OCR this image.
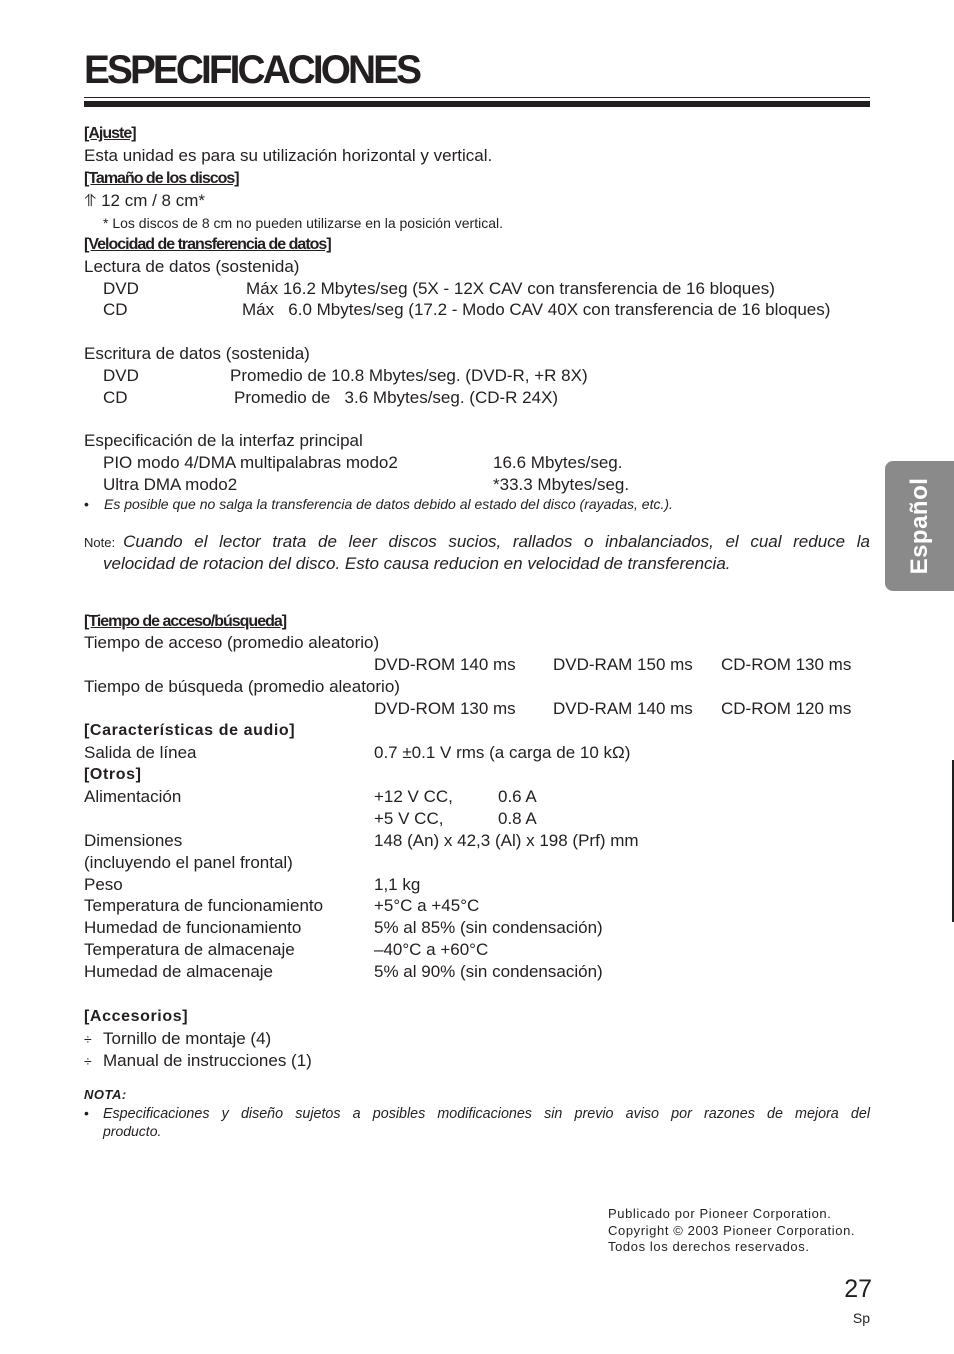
ESPECIFICACIONES
[Ajuste]
Esta unidad es para su utilización horizontal y vertical.
[Tamaño de los discos]
⥣ 12 cm / 8 cm*
* Los discos de 8 cm no pueden utilizarse en la posición vertical.
[Velocidad de transferencia de datos]
Lectura de datos (sostenida)
DVD	Máx 16.2 Mbytes/seg (5X - 12X CAV con transferencia de 16 bloques)
CD	Máx   6.0 Mbytes/seg (17.2 - Modo CAV 40X con transferencia de 16 bloques)
Escritura de datos (sostenida)
DVD	Promedio de 10.8 Mbytes/seg. (DVD-R, +R 8X)
CD	Promedio de   3.6 Mbytes/seg. (CD-R 24X)
Especificación de la interfaz principal
PIO modo 4/DMA multipalabras modo2	16.6 Mbytes/seg.
Ultra DMA modo2	*33.3 Mbytes/seg.
• Es posible que no salga la transferencia de datos debido al estado del disco (rayadas, etc.).
Note: Cuando el lector trata de leer discos sucios, rallados o inbalanciados, el cual reduce la
velocidad de rotacion del disco. Esto causa reducion en velocidad de transferencia.
[Tiempo de acceso/búsqueda]
Tiempo de acceso (promedio aleatorio)
DVD-ROM 140 ms DVD-RAM 150 ms CD-ROM 130 ms
Tiempo de búsqueda (promedio aleatorio)
DVD-ROM 130 ms DVD-RAM 140 ms CD-ROM 120 ms
[Características de audio]
Salida de línea	0.7 ±0.1 V rms (a carga de 10 kΩ)
[Otros]
Alimentación	+12 V CC,	0.6 A
+5 V CC,	0.8 A
Dimensiones	148 (An) x 42,3 (Al) x 198 (Prf) mm
(incluyendo el panel frontal)
Peso	1,1 kg
Temperatura de funcionamiento	+5°C a +45°C
Humedad de funcionamiento	5% al 85% (sin condensación)
Temperatura de almacenaje	–40°C a +60°C
Humedad de almacenaje	5% al 90% (sin condensación)
[Accesorios]
÷ Tornillo de montaje (4)
÷ Manual de instrucciones (1)
NOTA:
• Especificaciones y diseño sujetos a posibles modificaciones sin previo aviso por razones de mejora del
producto.
Español
Publicado por Pioneer Corporation.
Copyright © 2003 Pioneer Corporation.
Todos los derechos reservados.
27
Sp
